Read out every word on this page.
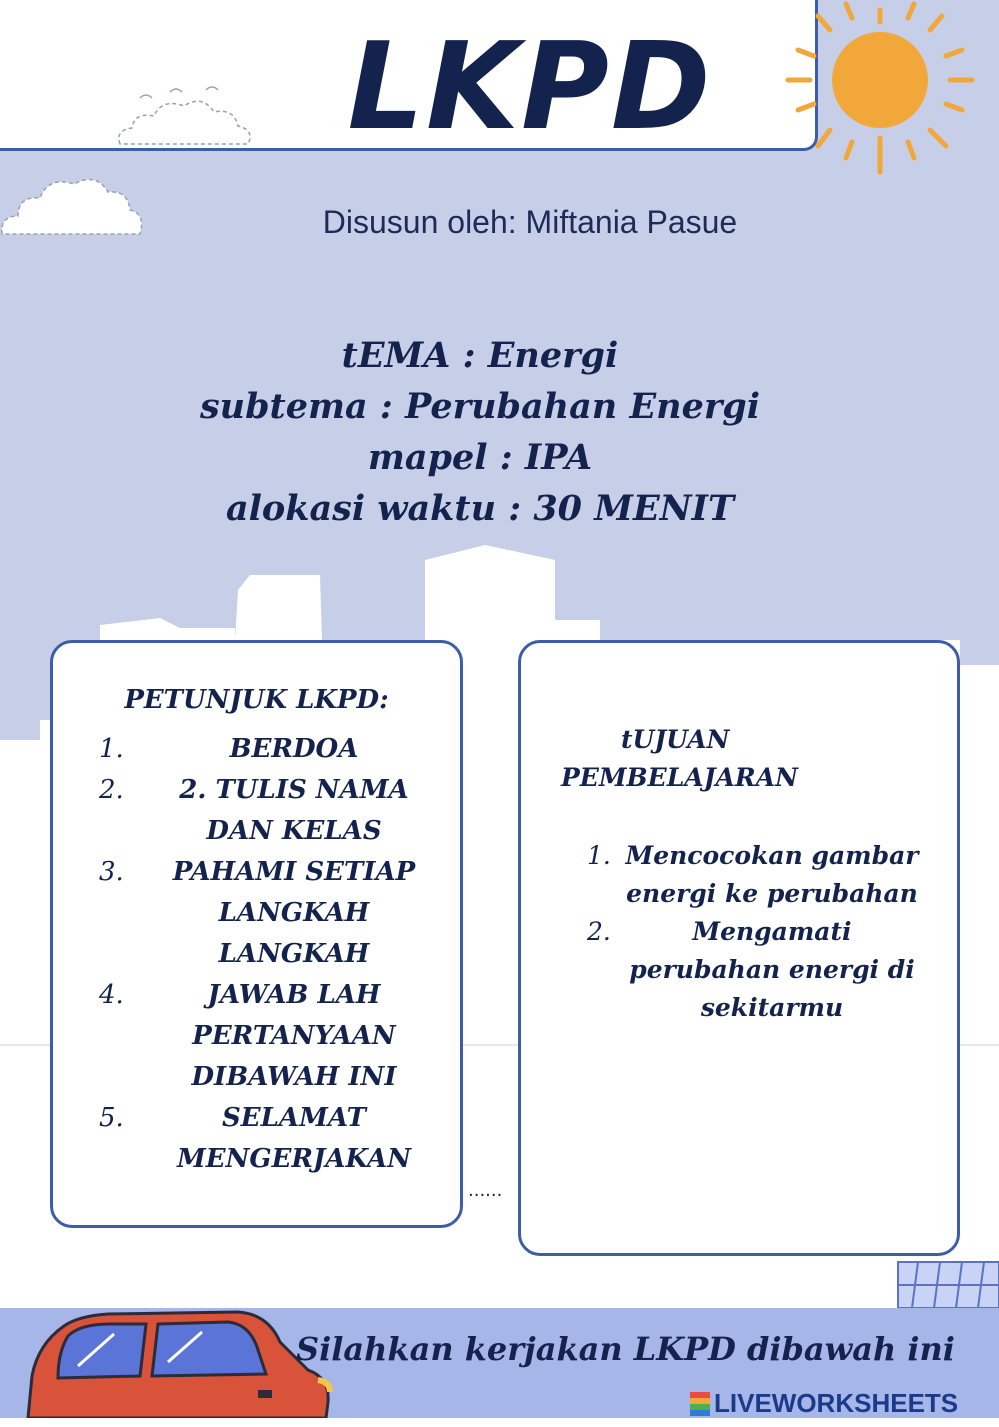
LKPD
Disusun oleh: Miftania Pasue
tEMA : Energi
subtema : Perubahan Energi
mapel : IPA
alokasi waktu : 30 MENIT
PETUNJUK LKPD:
1.	BERDOA
2.	2. TULIS NAMA DAN KELAS
3.	PAHAMI SETIAP LANGKAH LANGKAH
4.	JAWAB LAH PERTANYAAN DIBAWAH INI
5.	SELAMAT MENGERJAKAN
......
tUJUAN
PEMBELAJARAN
1. Mencocokan gambar energi ke perubahan
2.	Mengamati perubahan energi di sekitarmu
Silahkan kerjakan LKPD dibawah ini
LIVEWORKSHEETS
